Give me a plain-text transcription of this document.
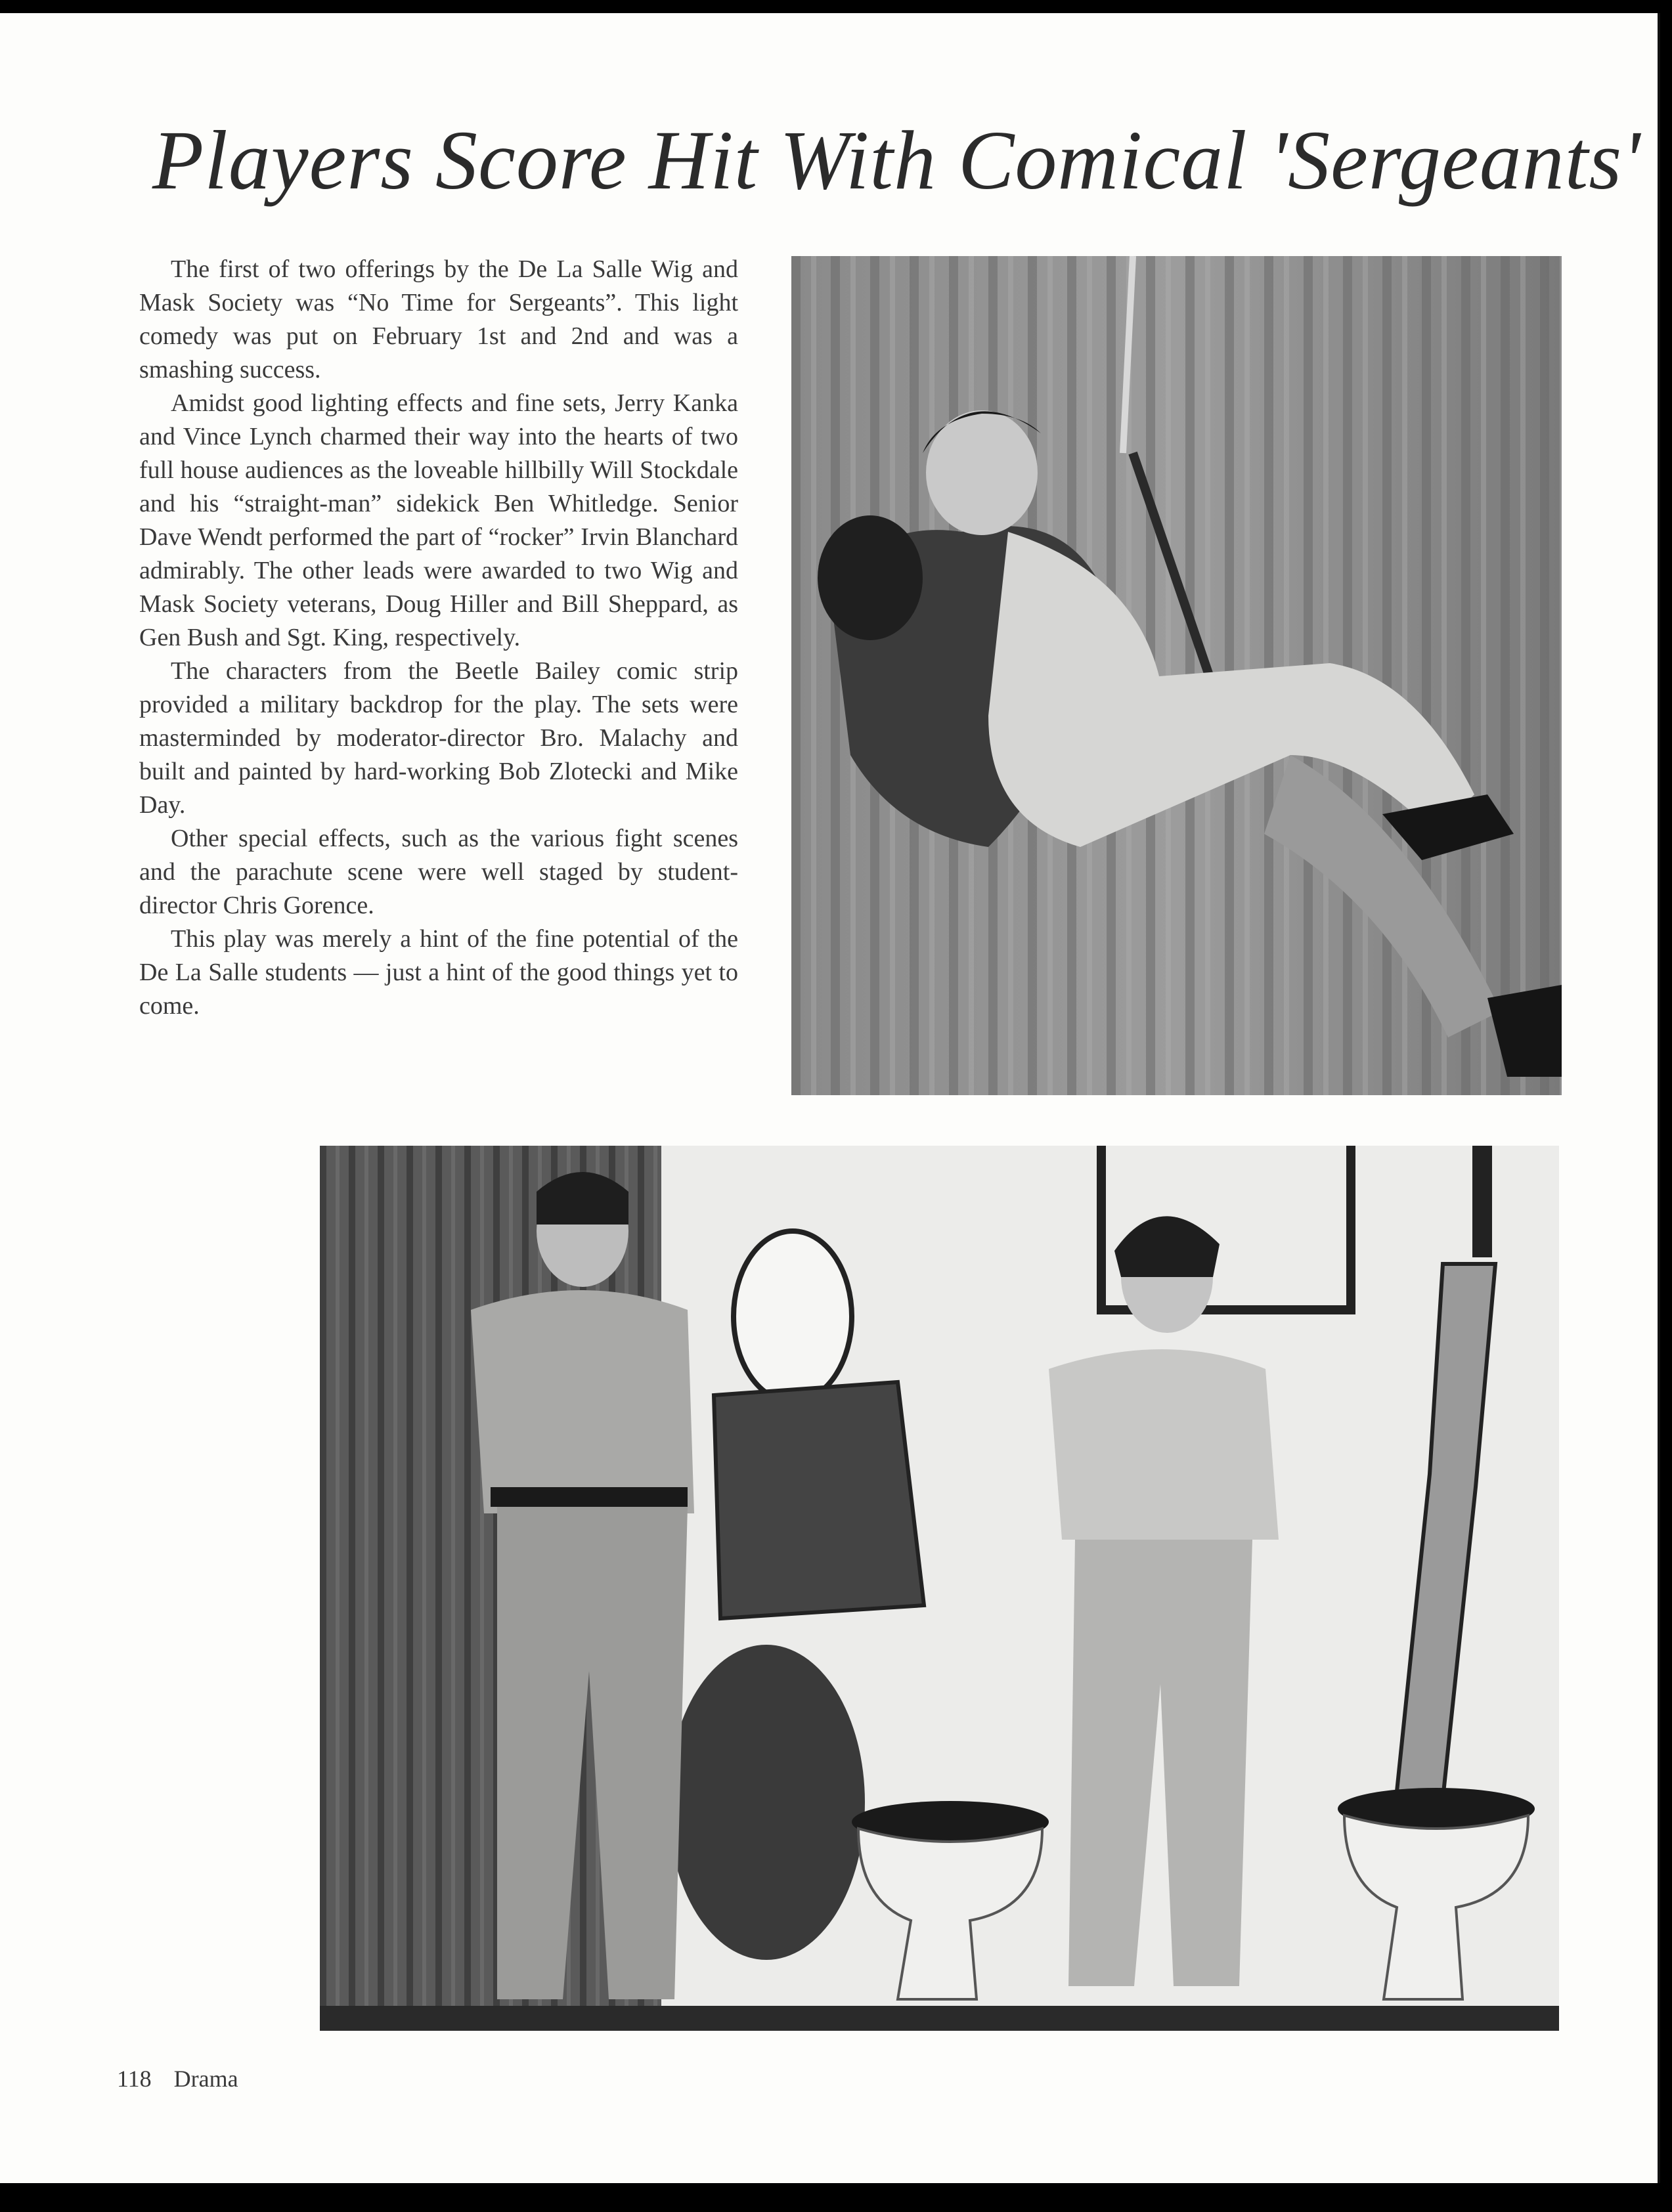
Players Score Hit With Comical 'Sergeants'

The first of two offerings by the De La Salle Wig and Mask Society was “No Time for Sergeants”. This light comedy was put on February 1st and 2nd and was a smashing success.

Amidst good lighting effects and fine sets, Jerry Kanka and Vince Lynch charmed their way into the hearts of two full house audiences as the loveable hillbilly Will Stockdale and his “straight-man” sidekick Ben Whitledge. Senior Dave Wendt performed the part of “rocker” Irvin Blanchard admirably. The other leads were awarded to two Wig and Mask Society veterans, Doug Hiller and Bill Sheppard, as Gen Bush and Sgt. King, respectively.

The characters from the Beetle Bailey comic strip provided a military backdrop for the play. The sets were masterminded by moderator-director Bro. Malachy and built and painted by hard-working Bob Zlotecki and Mike Day.

Other special effects, such as the various fight scenes and the parachute scene were well staged by student-director Chris Gorence.

This play was merely a hint of the fine potential of the De La Salle students — just a hint of the good things yet to come.

118 Drama
